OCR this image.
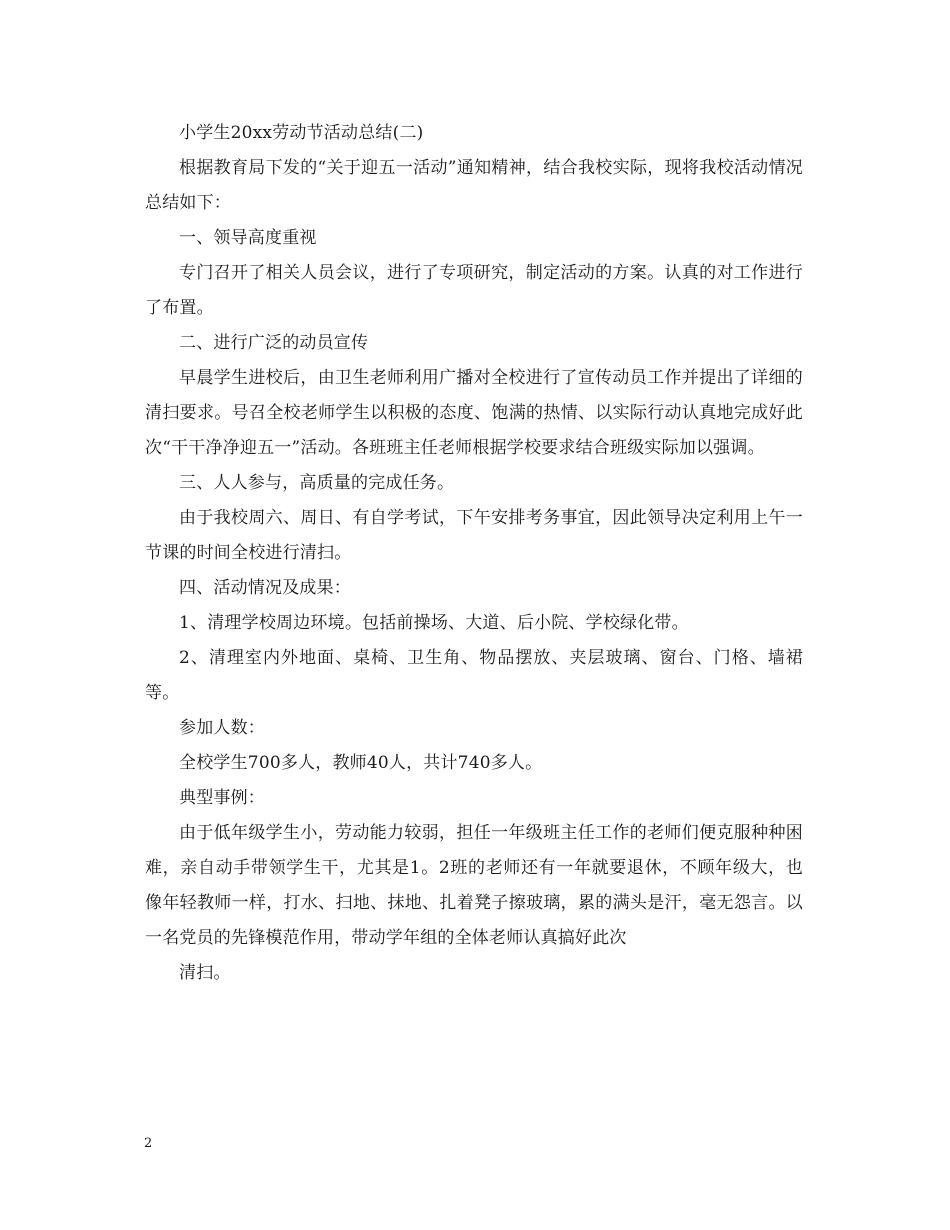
小学生20xx劳动节活动总结(二)

根据教育局下发的“关于迎五一活动”通知精神，结合我校实际，现将我校活动情况总结如下：

一、领导高度重视

专门召开了相关人员会议，进行了专项研究，制定活动的方案。认真的对工作进行了布置。

二、进行广泛的动员宣传

早晨学生进校后，由卫生老师利用广播对全校进行了宣传动员工作并提出了详细的清扫要求。号召全校老师学生以积极的态度、饱满的热情、以实际行动认真地完成好此次“干干净净迎五一”活动。各班班主任老师根据学校要求结合班级实际加以强调。

三、人人参与，高质量的完成任务。

由于我校周六、周日、有自学考试，下午安排考务事宜，因此领导决定利用上午一节课的时间全校进行清扫。

四、活动情况及成果：

1、清理学校周边环境。包括前操场、大道、后小院、学校绿化带。

2、清理室内外地面、桌椅、卫生角、物品摆放、夹层玻璃、窗台、门格、墙裙等。

参加人数：

全校学生700多人，教师40人，共计740多人。

典型事例：

由于低年级学生小，劳动能力较弱，担任一年级班主任工作的老师们便克服种种困难，亲自动手带领学生干，尤其是1。2班的老师还有一年就要退休，不顾年级大，也像年轻教师一样，打水、扫地、抹地、扎着凳子擦玻璃，累的满头是汗，毫无怨言。以一名党员的先锋模范作用，带动学年组的全体老师认真搞好此次

清扫。

2
